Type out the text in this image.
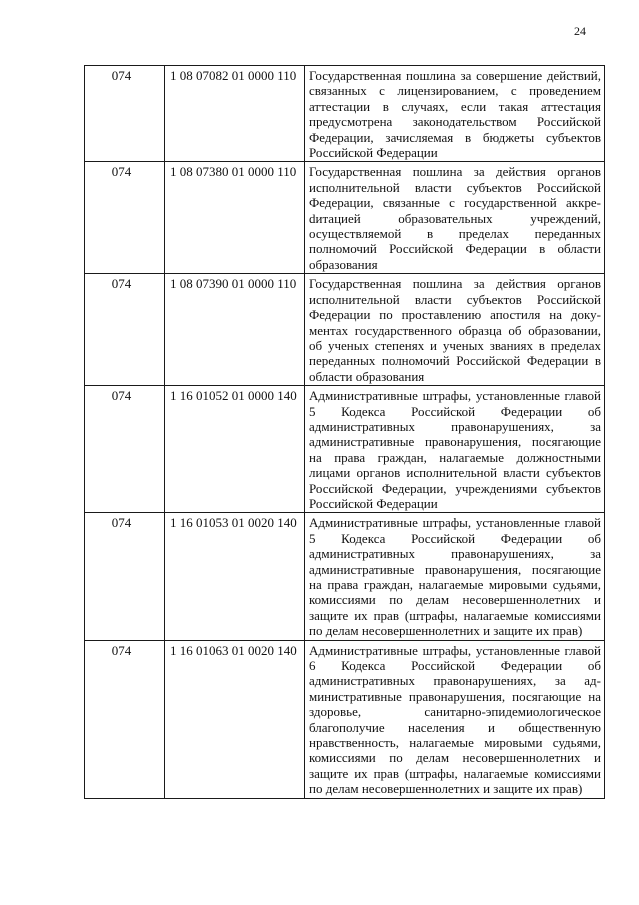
24
074	1 08 07082 01 0000 110	Государственная пошлина за совершение действий, связанных с лицензированием, с проведением аттестации в случаях, если такая аттестация предусмотрена законодательством Российской Федерации, зачисляемая в бюджеты субъектов Российской Федерации
074	1 08 07380 01 0000 110	Государственная пошлина за действия органов исполнительной власти субъектов Российской Федерации, связанные с государственной аккреdитацией образовательных учреждений, осуществляемой в пределах переданных полномочий Российской Федерации в области образования
074	1 08 07390 01 0000 110	Государственная пошлина за действия органов исполнительной власти субъектов Российской Федерации по проставлению апостиля на документах государственного образца об образовании, об ученых степенях и ученых званиях в пределах переданных полномочий Российской Федерации в области образования
074	1 16 01052 01 0000 140	Административные штрафы, установленные главой 5 Кодекса Российской Федерации об административных правонарушениях, за административные правонарушения, посягающие на права граждан, налагаемые должностными лицами органов исполнительной власти субъектов Российской Федерации, учреждениями субъектов Российской Федерации
074	1 16 01053 01 0020 140	Административные штрафы, установленные главой 5 Кодекса Российской Федерации об административных правонарушениях, за административные правонарушения, посягающие на права граждан, налагаемые мировыми судьями, комиссиями по делам несовершеннолетних и защите их прав (штрафы, налагаемые комиссиями по делам несовершеннолетних и защите их прав)
074	1 16 01063 01 0020 140	Административные штрафы, установленные главой 6 Кодекса Российской Федерации об административных правонарушениях, за административные правонарушения, посягающие на здоровье, санитарно-эпидемиологическое благополучие населения и общественную нравственность, налагаемые мировыми судьями, комиссиями по делам несовершеннолетних и защите их прав (штрафы, налагаемые комиссиями по делам несовершеннолетних и защите их прав)
